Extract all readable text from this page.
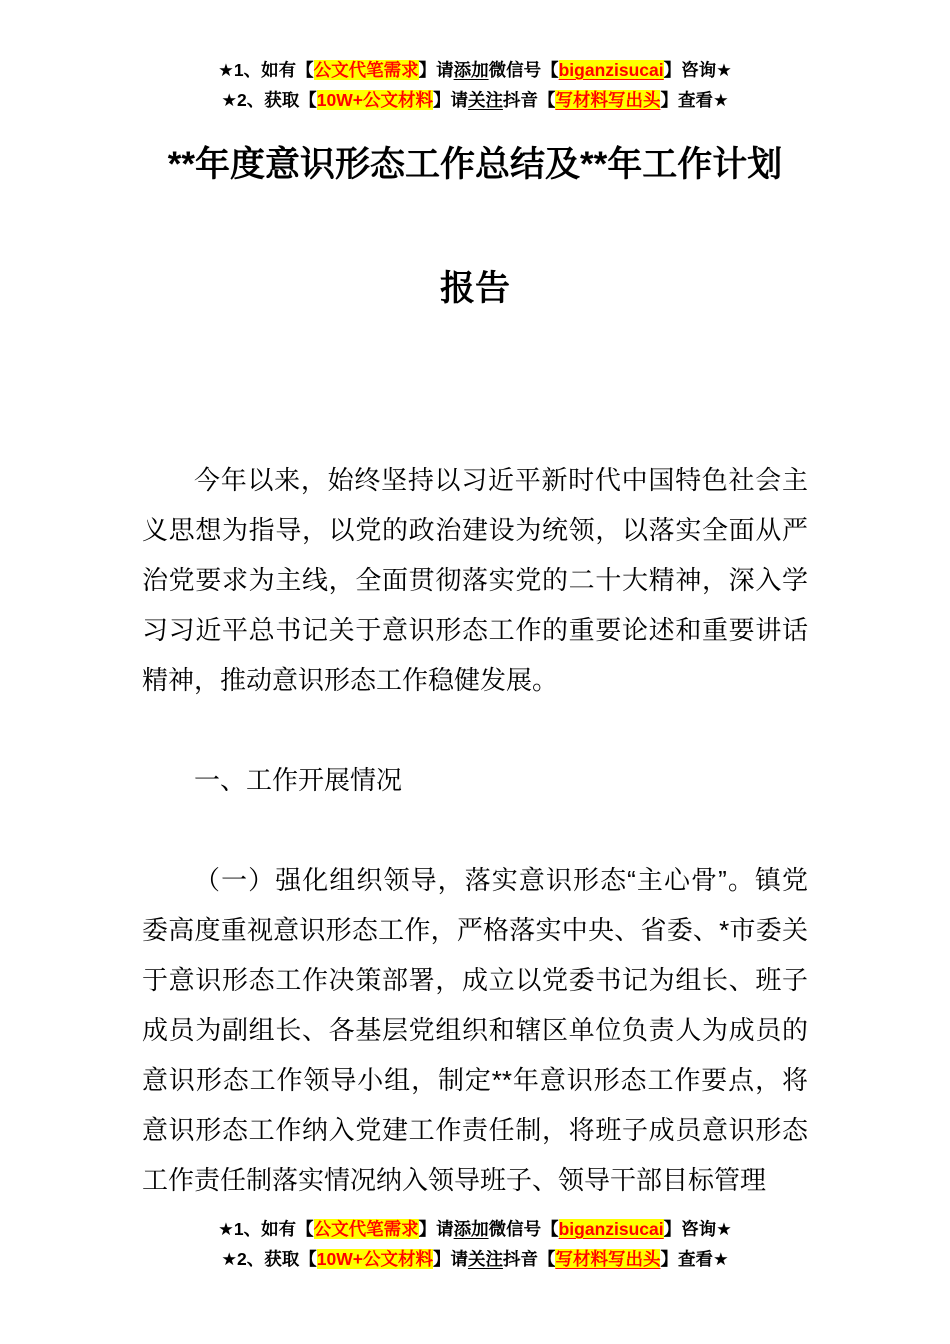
★1、如有【公文代笔需求】请添加微信号【biganzisucai】咨询★
★2、获取【10W+公文材料】请关注抖音【写材料写出头】查看★
**年度意识形态工作总结及**年工作计划
报告

今年以来，始终坚持以习近平新时代中国特色社会主义思想为指导，以党的政治建设为统领，以落实全面从严治党要求为主线，全面贯彻落实党的二十大精神，深入学习习近平总书记关于意识形态工作的重要论述和重要讲话精神，推动意识形态工作稳健发展。

一、工作开展情况

（一）强化组织领导，落实意识形态“主心骨”。镇党委高度重视意识形态工作，严格落实中央、省委、*市委关于意识形态工作决策部署，成立以党委书记为组长、班子成员为副组长、各基层党组织和辖区单位负责人为成员的意识形态工作领导小组，制定**年意识形态工作要点，将意识形态工作纳入党建工作责任制，将班子成员意识形态工作责任制落实情况纳入领导班子、领导干部目标管理

★1、如有【公文代笔需求】请添加微信号【biganzisucai】咨询★
★2、获取【10W+公文材料】请关注抖音【写材料写出头】查看★
